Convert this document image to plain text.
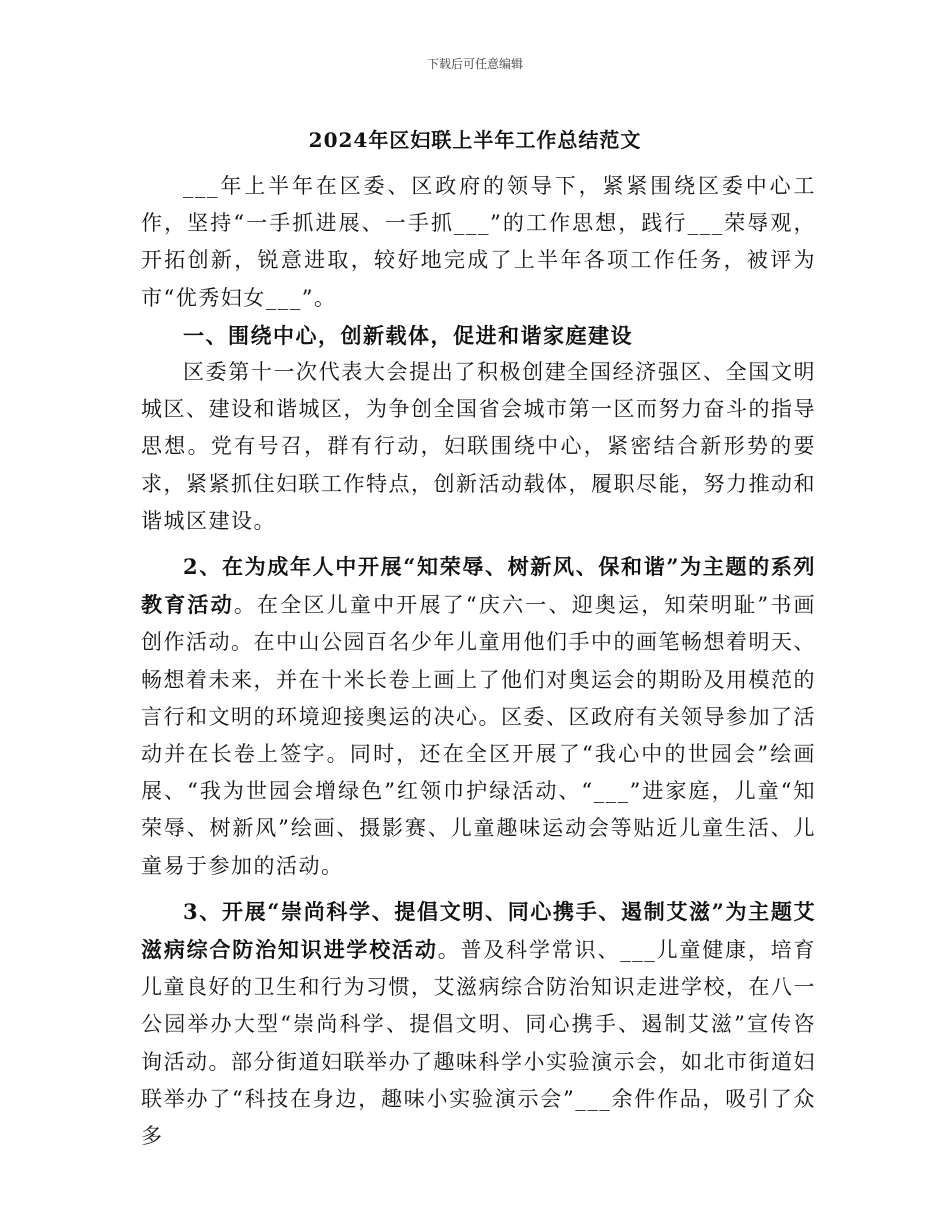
下载后可任意编辑
2024年区妇联上半年工作总结范文

___年上半年在区委、区政府的领导下，紧紧围绕区委中心工作，坚持“一手抓进展、一手抓___”的工作思想，践行___荣辱观，开拓创新，锐意进取，较好地完成了上半年各项工作任务，被评为市“优秀妇女___”。

一、围绕中心，创新载体，促进和谐家庭建设

区委第十一次代表大会提出了积极创建全国经济强区、全国文明城区、建设和谐城区，为争创全国省会城市第一区而努力奋斗的指导思想。党有号召，群有行动，妇联围绕中心，紧密结合新形势的要求，紧紧抓住妇联工作特点，创新活动载体，履职尽能，努力推动和谐城区建设。

2、在为成年人中开展“知荣辱、树新风、保和谐”为主题的系列教育活动。在全区儿童中开展了“庆六一、迎奥运，知荣明耻”书画创作活动。在中山公园百名少年儿童用他们手中的画笔畅想着明天、畅想着未来，并在十米长卷上画上了他们对奥运会的期盼及用模范的言行和文明的环境迎接奥运的决心。区委、区政府有关领导参加了活动并在长卷上签字。同时，还在全区开展了“我心中的世园会”绘画展、“我为世园会增绿色”红领巾护绿活动、“___”进家庭，儿童“知荣辱、树新风”绘画、摄影赛、儿童趣味运动会等贴近儿童生活、儿童易于参加的活动。

3、开展“崇尚科学、提倡文明、同心携手、遏制艾滋”为主题艾滋病综合防治知识进学校活动。普及科学常识、___儿童健康，培育儿童良好的卫生和行为习惯，艾滋病综合防治知识走进学校，在八一公园举办大型“崇尚科学、提倡文明、同心携手、遏制艾滋”宣传咨询活动。部分街道妇联举办了趣味科学小实验演示会，如北市街道妇联举办了“科技在身边，趣味小实验演示会”___余件作品，吸引了众多
